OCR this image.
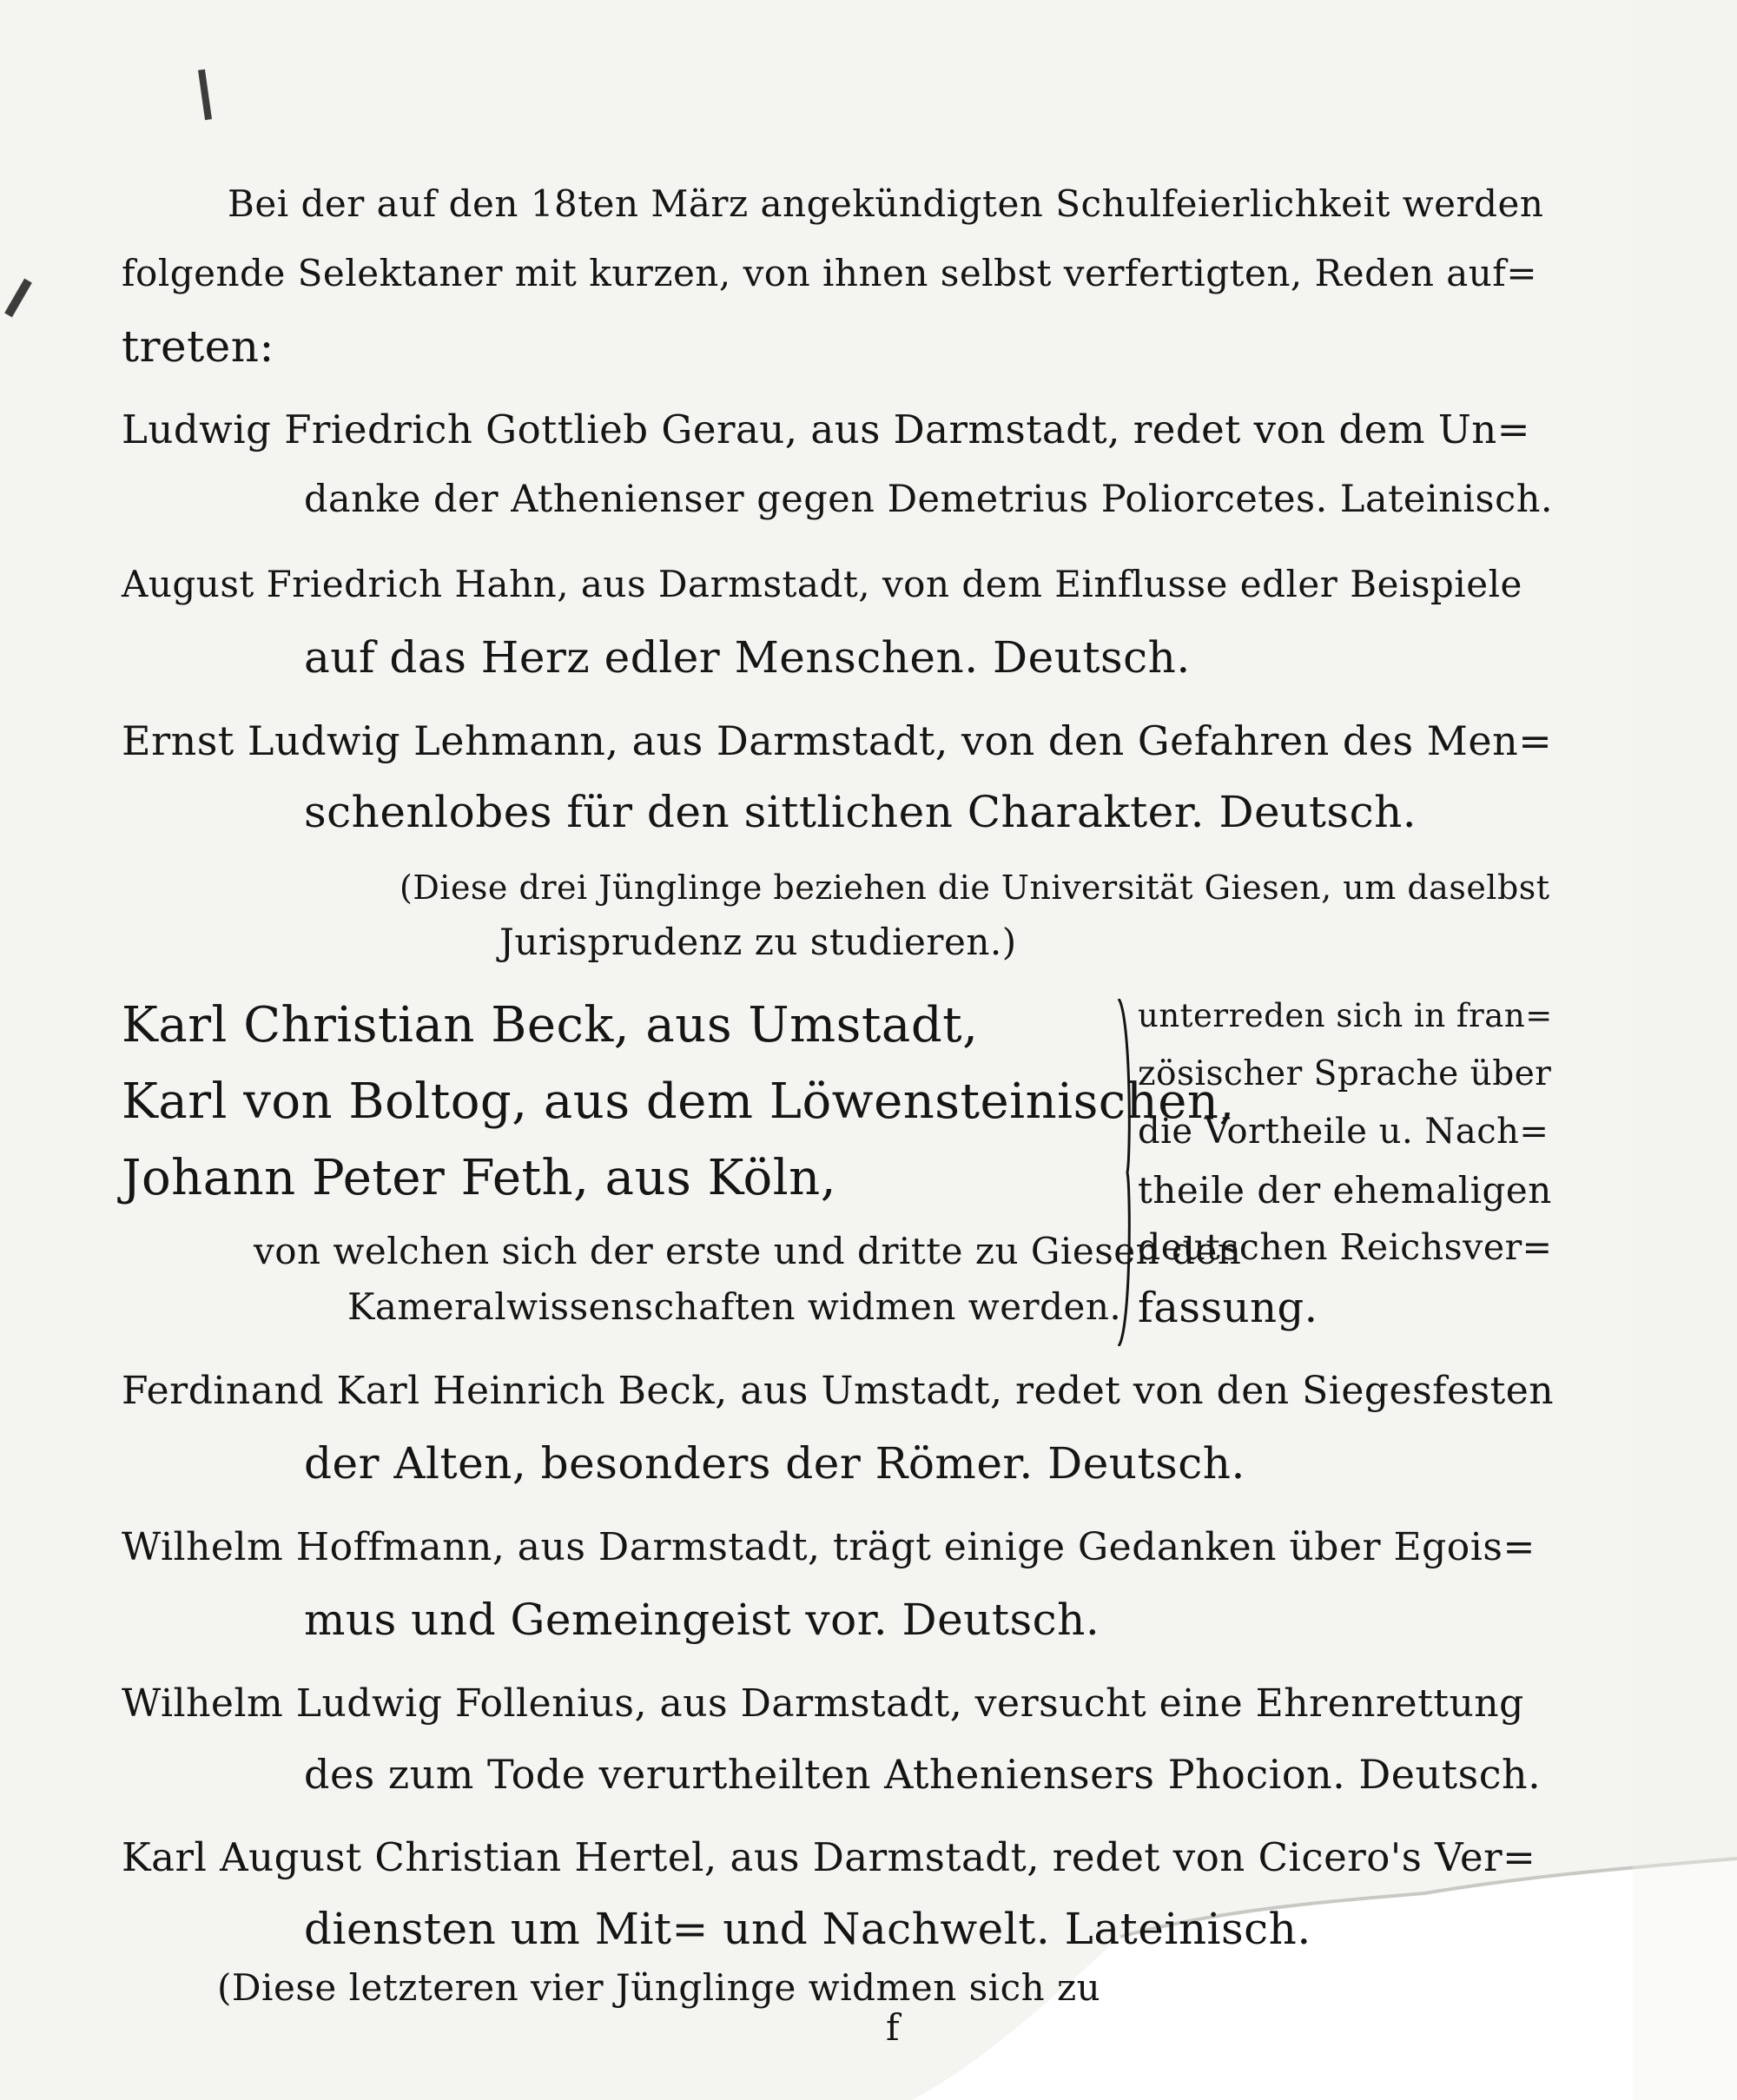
Bei der auf den 18ten März angekündigten Schulfeierlichkeit werden
folgende Selektaner mit kurzen, von ihnen selbst verfertigten, Reden auf=
treten:
Ludwig Friedrich Gottlieb Gerau, aus Darmstadt, redet von dem Un=
danke der Athenienser gegen Demetrius Poliorcetes. Lateinisch.
August Friedrich Hahn, aus Darmstadt, von dem Einflusse edler Beispiele
auf das Herz edler Menschen. Deutsch.
Ernst Ludwig Lehmann, aus Darmstadt, von den Gefahren des Men=
schenlobes für den sittlichen Charakter. Deutsch.
(Diese drei Jünglinge beziehen die Universität Giesen, um daselbst
Jurisprudenz zu studieren.)
Karl Christian Beck, aus Umstadt,
Karl von Boltog, aus dem Löwensteinischen,
Johann Peter Feth, aus Köln,
von welchen sich der erste und dritte zu Giesen den
Kameralwissenschaften widmen werden.
unterreden sich in fran=
zösischer Sprache über
die Vortheile u. Nach=
theile der ehemaligen
deutschen Reichsver=
fassung.
Ferdinand Karl Heinrich Beck, aus Umstadt, redet von den Siegesfesten
der Alten, besonders der Römer. Deutsch.
Wilhelm Hoffmann, aus Darmstadt, trägt einige Gedanken über Egois=
mus und Gemeingeist vor. Deutsch.
Wilhelm Ludwig Follenius, aus Darmstadt, versucht eine Ehrenrettung
des zum Tode verurtheilten Atheniensers Phocion. Deutsch.
Karl August Christian Hertel, aus Darmstadt, redet von Cicero's Ver=
diensten um Mit= und Nachwelt. Lateinisch.
(Diese letzteren vier Jünglinge widmen sich zu
f
